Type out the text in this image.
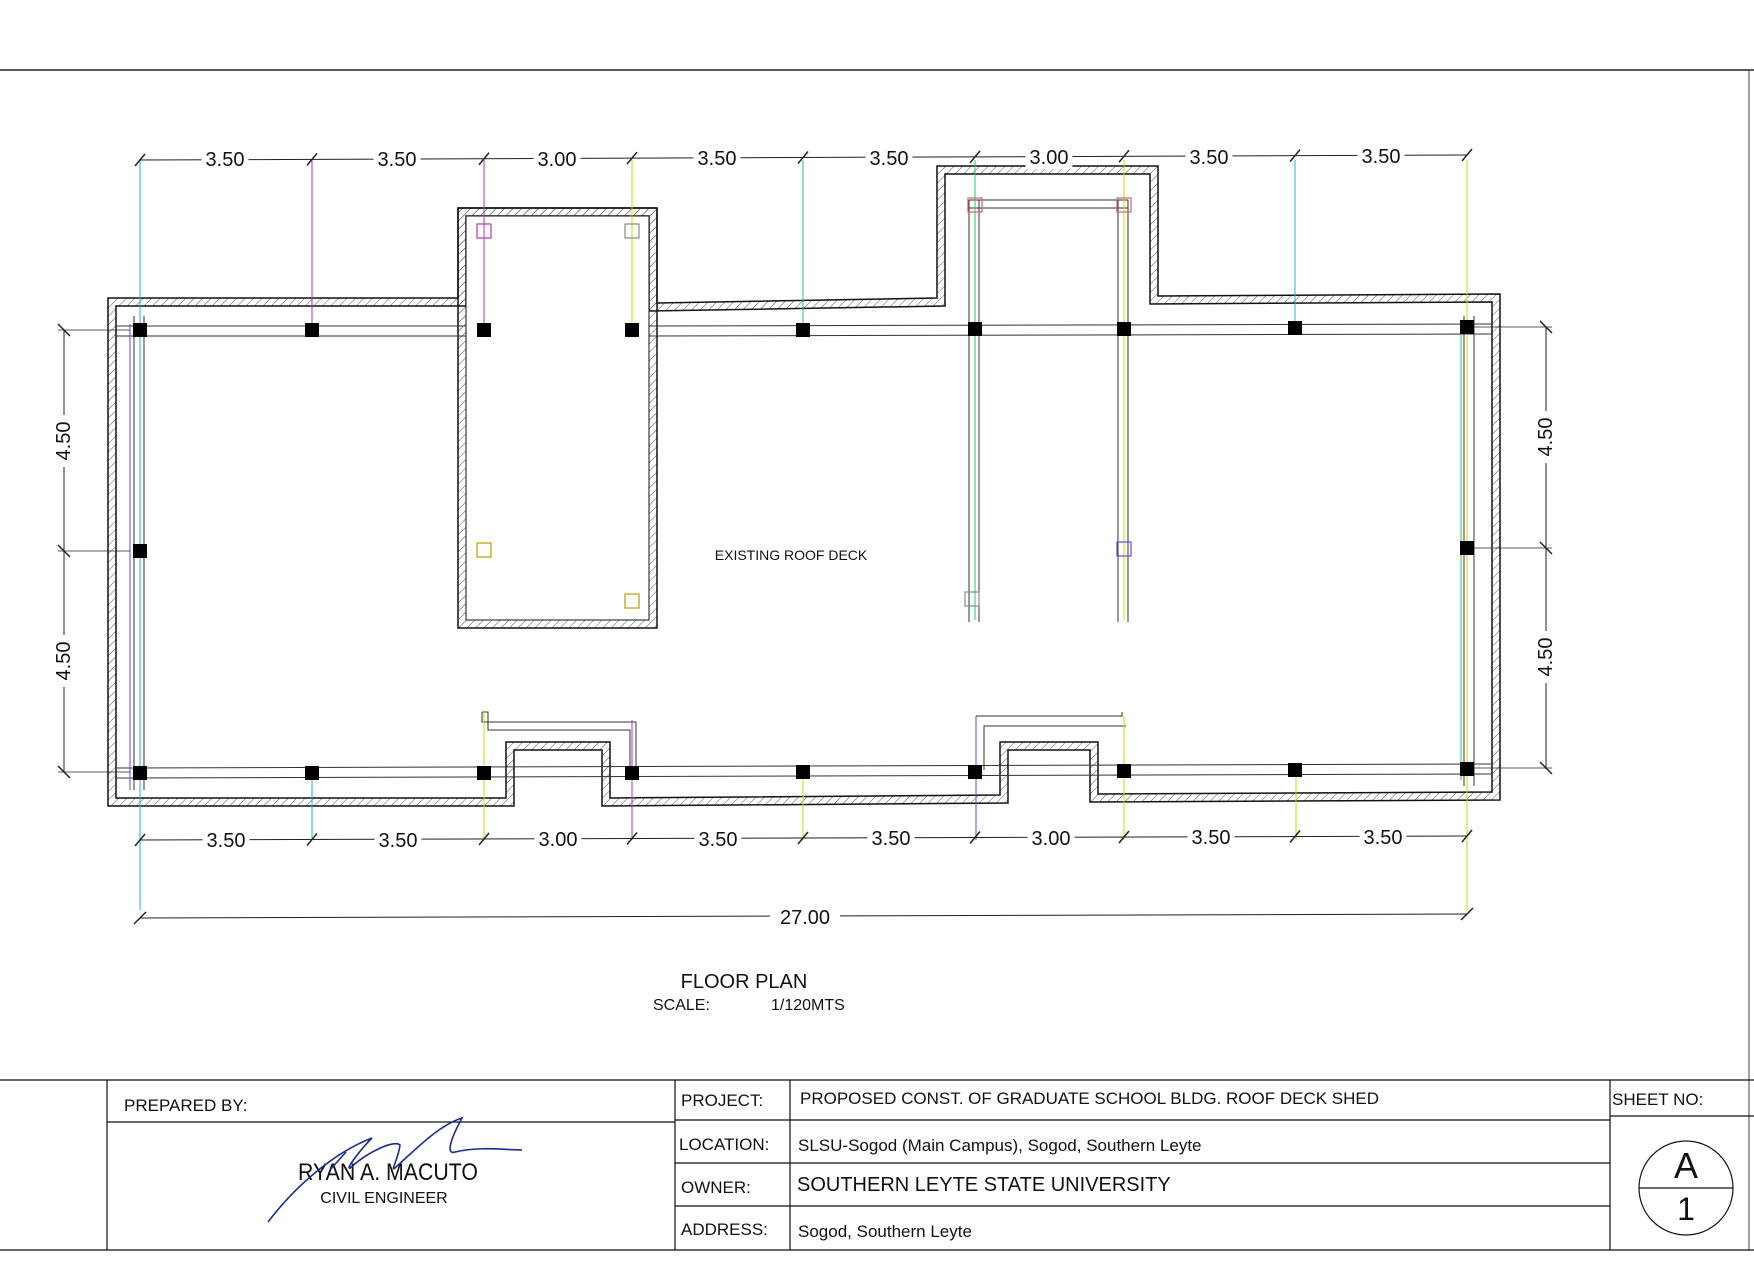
3.50	3.50	3.00	3.50	3.50	3.00	3.50	3.50
3.50	3.50	3.00	3.50	3.50	3.00	3.50	3.50
27.00
4.50
4.50
4.50
4.50
EXISTING ROOF DECK
FLOOR PLAN
SCALE:	1/120MTS
PREPARED BY:
RYAN A. MACUTO
CIVIL ENGINEER
PROJECT: PROPOSED CONST. OF GRADUATE SCHOOL BLDG. ROOF DECK SHED
LOCATION: SLSU-Sogod (Main Campus), Sogod, Southern Leyte
OWNER: SOUTHERN LEYTE STATE UNIVERSITY
ADDRESS: Sogod, Southern Leyte
SHEET NO:
A
1
